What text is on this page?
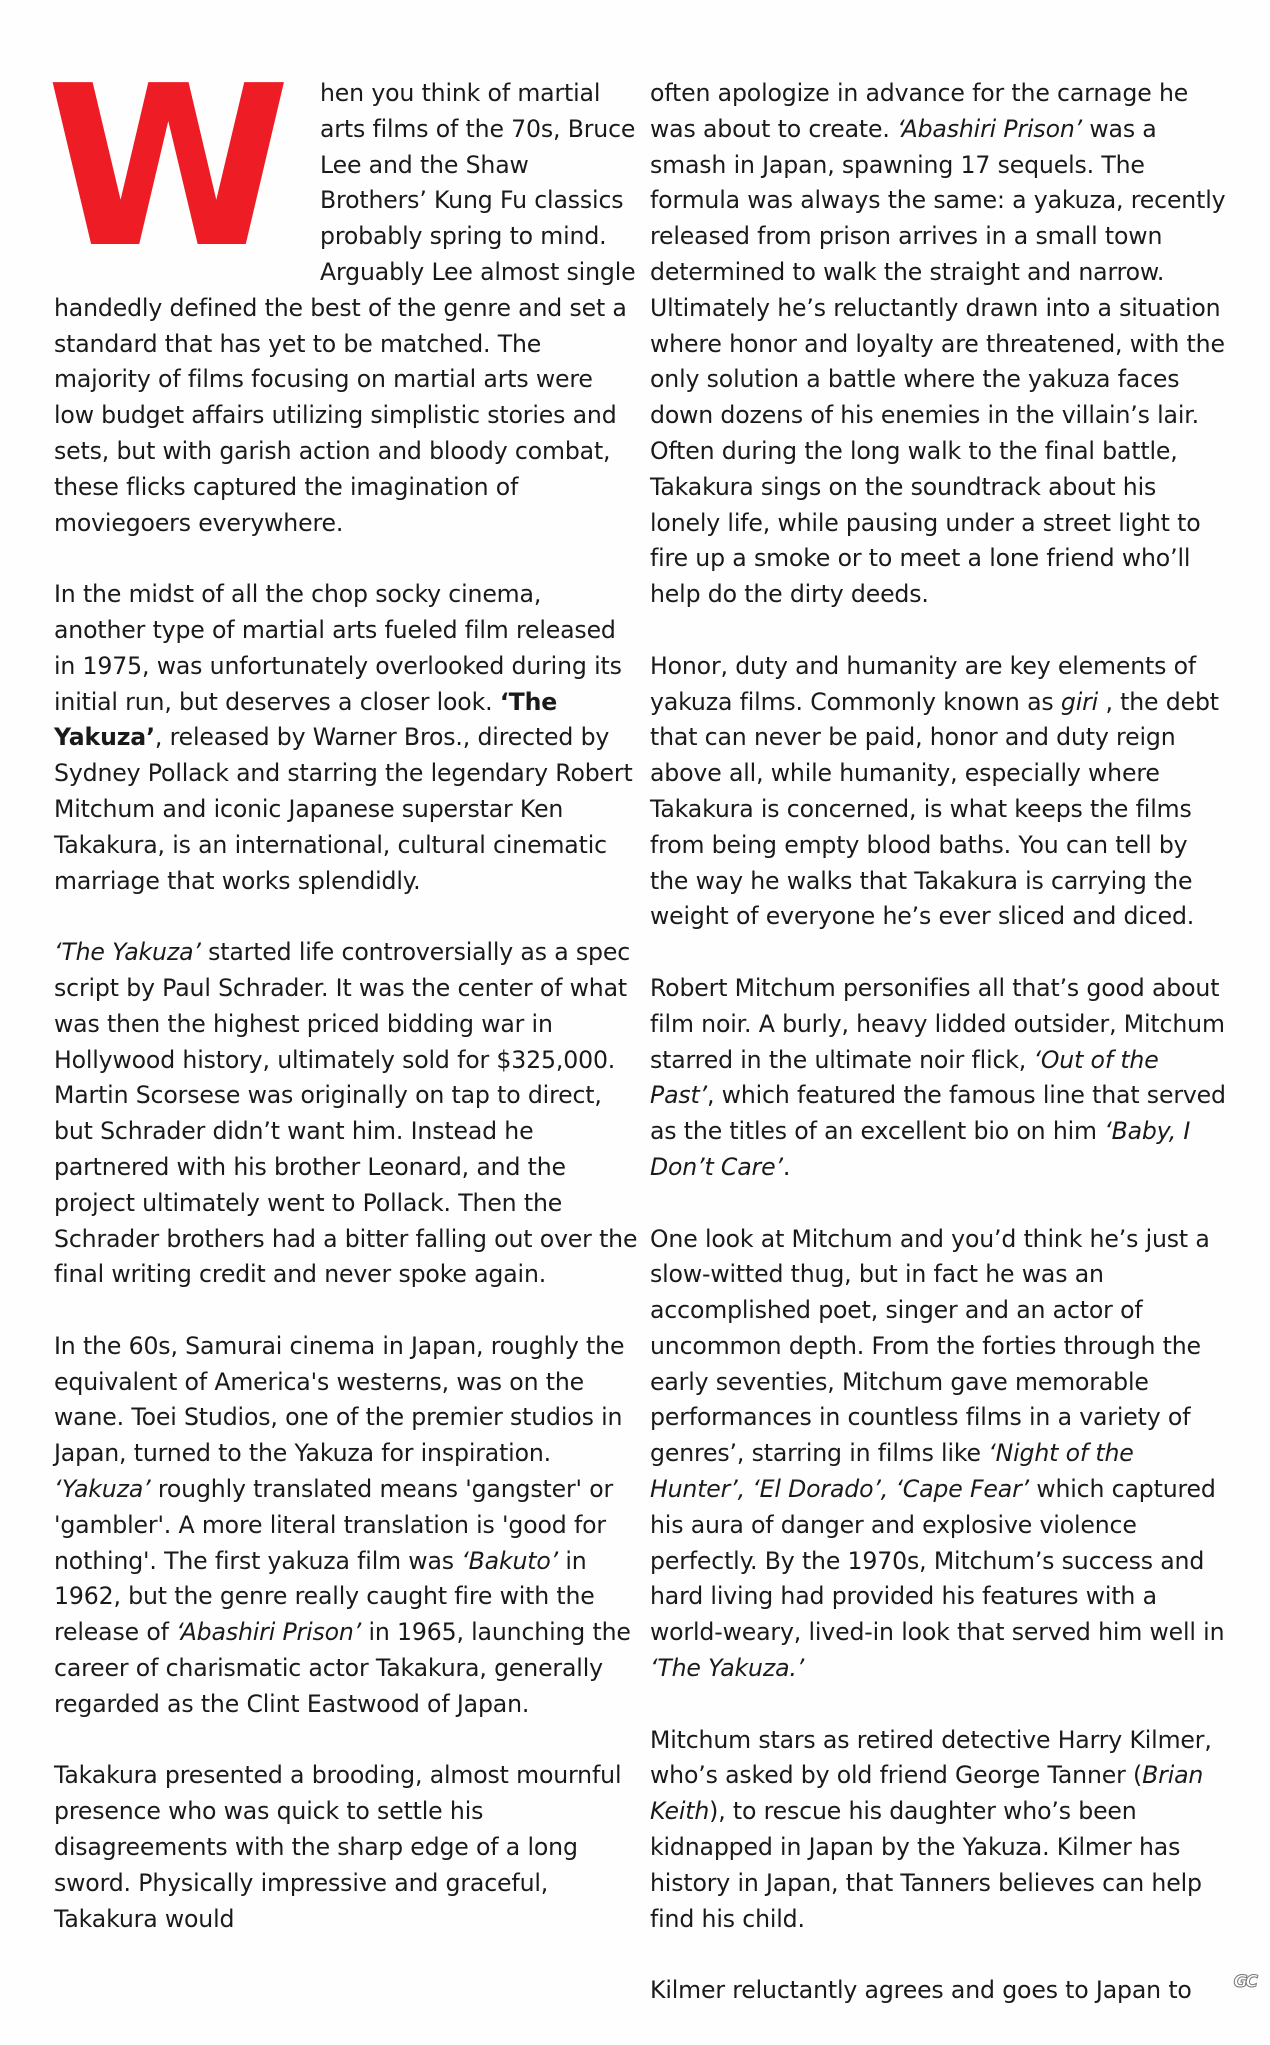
W	hen you think of martial arts films of the 70s, Bruce Lee and the Shaw Brothers’ Kung Fu classics probably spring to mind. Arguably Lee almost single handedly defined the best of the genre and set a standard that has yet to be matched. The majority of films focusing on martial arts were low budget affairs utilizing simplistic stories and sets, but with garish action and bloody combat, these flicks captured the imagination of moviegoers everywhere.

In the midst of all the chop socky cinema, another type of martial arts fueled film released in 1975, was unfortunately overlooked during its initial run, but deserves a closer look. ‘The Yakuza’, released by Warner Bros., directed by Sydney Pollack and starring the legendary Robert Mitchum and iconic Japanese superstar Ken Takakura, is an international, cultural cinematic marriage that works splendidly.

‘The Yakuza’ started life controversially as a spec script by Paul Schrader. It was the center of what was then the highest priced bidding war in Hollywood history, ultimately sold for $325,000. Martin Scorsese was originally on tap to direct, but Schrader didn’t want him. Instead he partnered with his brother Leonard, and the project ultimately went to Pollack. Then the Schrader brothers had a bitter falling out over the final writing credit and never spoke again.

In the 60s, Samurai cinema in Japan, roughly the equivalent of America's westerns, was on the wane. Toei Studios, one of the premier studios in Japan, turned to the Yakuza for inspiration. ‘Yakuza’ roughly translated means 'gangster' or 'gambler'. A more literal translation is 'good for nothing'. The first yakuza film was ‘Bakuto’ in 1962, but the genre really caught fire with the release of ‘Abashiri Prison’ in 1965, launching the career of charismatic actor Takakura, generally regarded as the Clint Eastwood of Japan.

Takakura presented a brooding, almost mournful presence who was quick to settle his disagreements with the sharp edge of a long sword. Physically impressive and graceful, Takakura would

often apologize in advance for the carnage he was about to create. ‘Abashiri Prison’ was a smash in Japan, spawning 17 sequels. The formula was always the same: a yakuza, recently released from prison arrives in a small town determined to walk the straight and narrow. Ultimately he’s reluctantly drawn into a situation where honor and loyalty are threatened, with the only solution a battle where the yakuza faces down dozens of his enemies in the villain’s lair. Often during the long walk to the final battle, Takakura sings on the soundtrack about his lonely life, while pausing under a street light to fire up a smoke or to meet a lone friend who’ll help do the dirty deeds.

Honor, duty and humanity are key elements of yakuza films. Commonly known as giri , the debt that can never be paid, honor and duty reign above all, while humanity, especially where Takakura is concerned, is what keeps the films from being empty blood baths. You can tell by the way he walks that Takakura is carrying the weight of everyone he’s ever sliced and diced.

Robert Mitchum personifies all that’s good about film noir. A burly, heavy lidded outsider, Mitchum starred in the ultimate noir flick, ‘Out of the Past’, which featured the famous line that served as the titles of an excellent bio on him ‘Baby, I Don’t Care’.

One look at Mitchum and you’d think he’s just a slow-witted thug, but in fact he was an accomplished poet, singer and an actor of uncommon depth. From the forties through the early seventies, Mitchum gave memorable performances in countless films in a variety of genres’, starring in films like ‘Night of the Hunter’, ‘El Dorado’, ‘Cape Fear’ which captured his aura of danger and explosive violence perfectly. By the 1970s, Mitchum’s success and hard living had provided his features with a world-weary, lived-in look that served him well in ‘The Yakuza.’

Mitchum stars as retired detective Harry Kilmer, who’s asked by old friend George Tanner (Brian Keith), to rescue his daughter who’s been kidnapped in Japan by the Yakuza. Kilmer has history in Japan, that Tanners believes can help find his child.

Kilmer reluctantly agrees and goes to Japan to	GC
